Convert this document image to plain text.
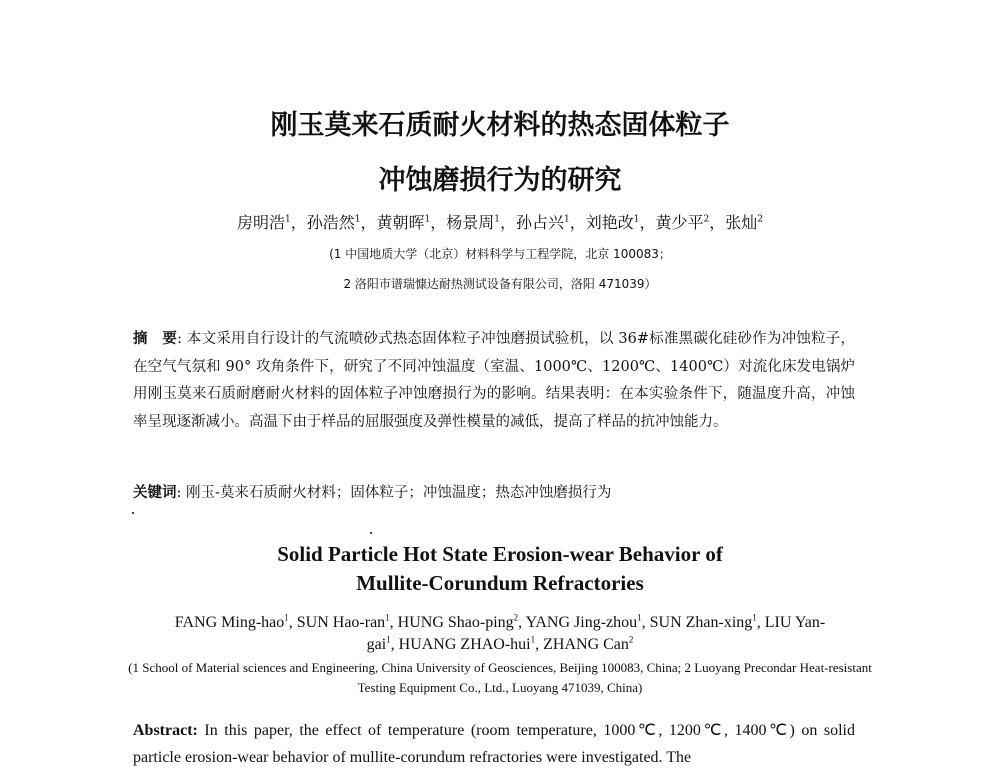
刚玉莫来石质耐火材料的热态固体粒子
冲蚀磨损行为的研究
房明浩$^1$，孙浩然$^1$，黄朝晖$^1$，杨景周$^1$，孙占兴$^1$，刘艳改$^1$，黄少平$^2$，张灿$^2$
(1 中国地质大学（北京）材料科学与工程学院，北京 100083；
2 洛阳市谱瑞慷达耐热测试设备有限公司，洛阳 471039）
摘　要: 本文采用自行设计的气流喷砂式热态固体粒子冲蚀磨损试验机，以 36#标准黑碳化硅砂作为冲蚀粒子，在空气气氛和 90° 攻角条件下，研究了不同冲蚀温度（室温、1000℃、1200℃、1400℃）对流化床发电锅炉用刚玉莫来石质耐磨耐火材料的固体粒子冲蚀磨损行为的影响。结果表明：在本实验条件下，随温度升高，冲蚀率呈现逐渐减小。高温下由于样品的屈服强度及弹性模量的减低，提高了样品的抗冲蚀能力。
关键词: 刚玉-莫来石质耐火材料；固体粒子；冲蚀温度；热态冲蚀磨损行为
Solid Particle Hot State Erosion-wear Behavior of
Mullite-Corundum Refractories
FANG Ming-hao$^1$, SUN Hao-ran$^1$, HUNG Shao-ping$^2$, YANG Jing-zhou$^1$, SUN Zhan-xing$^1$, LIU Yan-gai$^1$, HUANG ZHAO-hui$^1$, ZHANG Can$^2$
(1 School of Material sciences and Engineering, China University of Geosciences, Beijing 100083, China; 2 Luoyang Precondar Heat-resistant Testing Equipment Co., Ltd., Luoyang 471039, China)
Abstract: In this paper, the effect of temperature (room temperature, 1000℃, 1200℃, 1400℃) on solid particle erosion-wear behavior of mullite-corundum refractories were investigated. The
